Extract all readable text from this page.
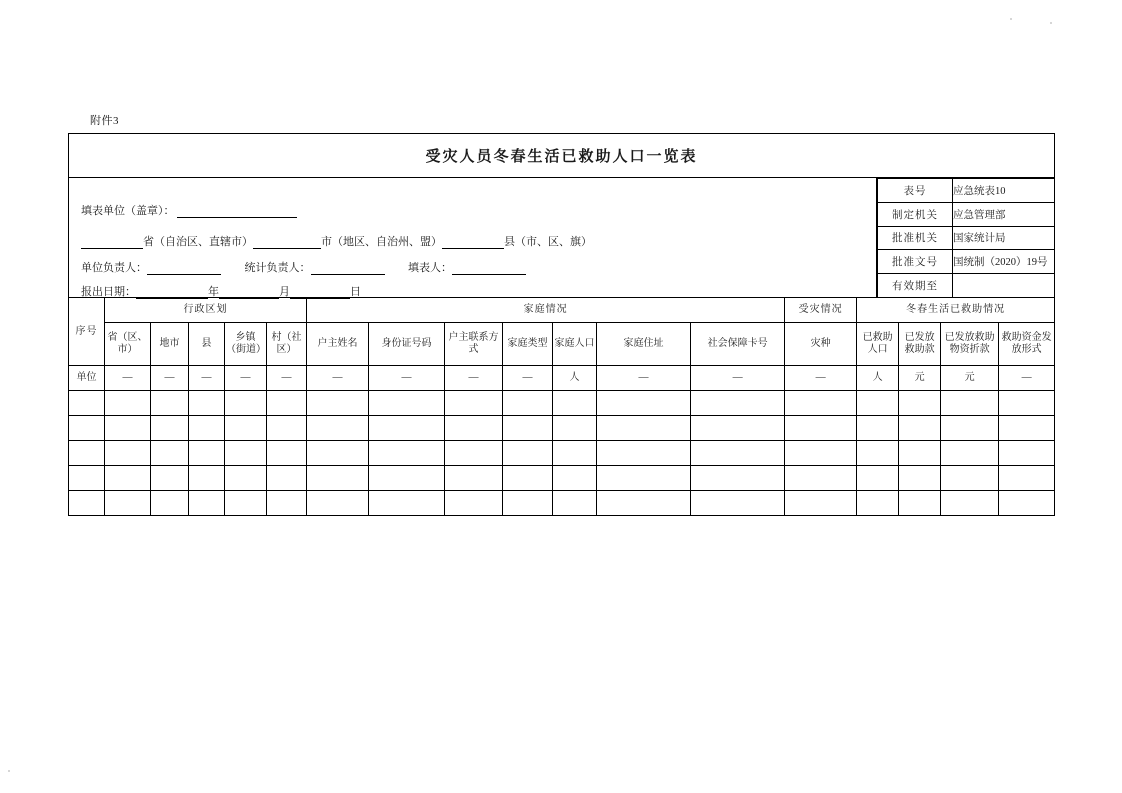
附件3
受灾人员冬春生活已救助人口一览表

填表单位（盖章）：
省（自治区、直辖市）	市（地区、自治州、盟）	县（市、区、旗）
单位负责人：	统计负责人：	填表人：
报出日期：	年	月	日

表号	应急统表10
制定机关	应急管理部
批准机关	国家统计局
批准文号	国统制（2020）19号
有效期至	
序号	行政区划					家庭情况							受灾情况	冬春生活已救助情况			
	省（区、市）	地市	县	乡镇（街道）	村（社区）	户主姓名	身份证号码	户主联系方式	家庭类型	家庭人口	家庭住址	社会保障卡号	灾种	已救助人口	已发放救助款	已发放救助物资折款	救助资金发放形式
单位	—	—	—	—	—	—	—	—	—	人	—	—	—	人	元	元	—
